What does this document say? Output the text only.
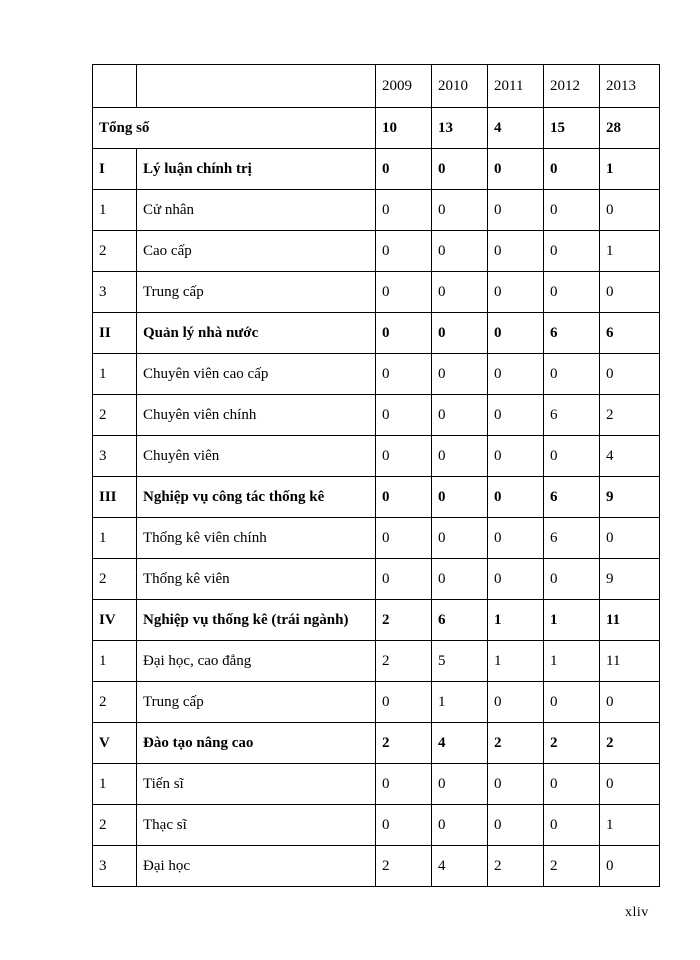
		2009	2010	2011	2012	2013
Tổng số		10	13	4	15	28
I	Lý luận chính trị	0	0	0	0	1
1	Cử nhân	0	0	0	0	0
2	Cao cấp	0	0	0	0	1
3	Trung cấp	0	0	0	0	0
II	Quản lý nhà nước	0	0	0	6	6
1	Chuyên viên cao cấp	0	0	0	0	0
2	Chuyên viên chính	0	0	0	6	2
3	Chuyên viên	0	0	0	0	4
III	Nghiệp vụ công tác thống kê	0	0	0	6	9
1	Thống kê viên chính	0	0	0	6	0
2	Thống kê viên	0	0	0	0	9
IV	Nghiệp vụ thống kê (trái ngành)	2	6	1	1	11
1	Đại học, cao đẳng	2	5	1	1	11
2	Trung cấp	0	1	0	0	0
V	Đào tạo nâng cao	2	4	2	2	2
1	Tiến sĩ	0	0	0	0	0
2	Thạc sĩ	0	0	0	0	1
3	Đại học	2	4	2	2	0
xliv
